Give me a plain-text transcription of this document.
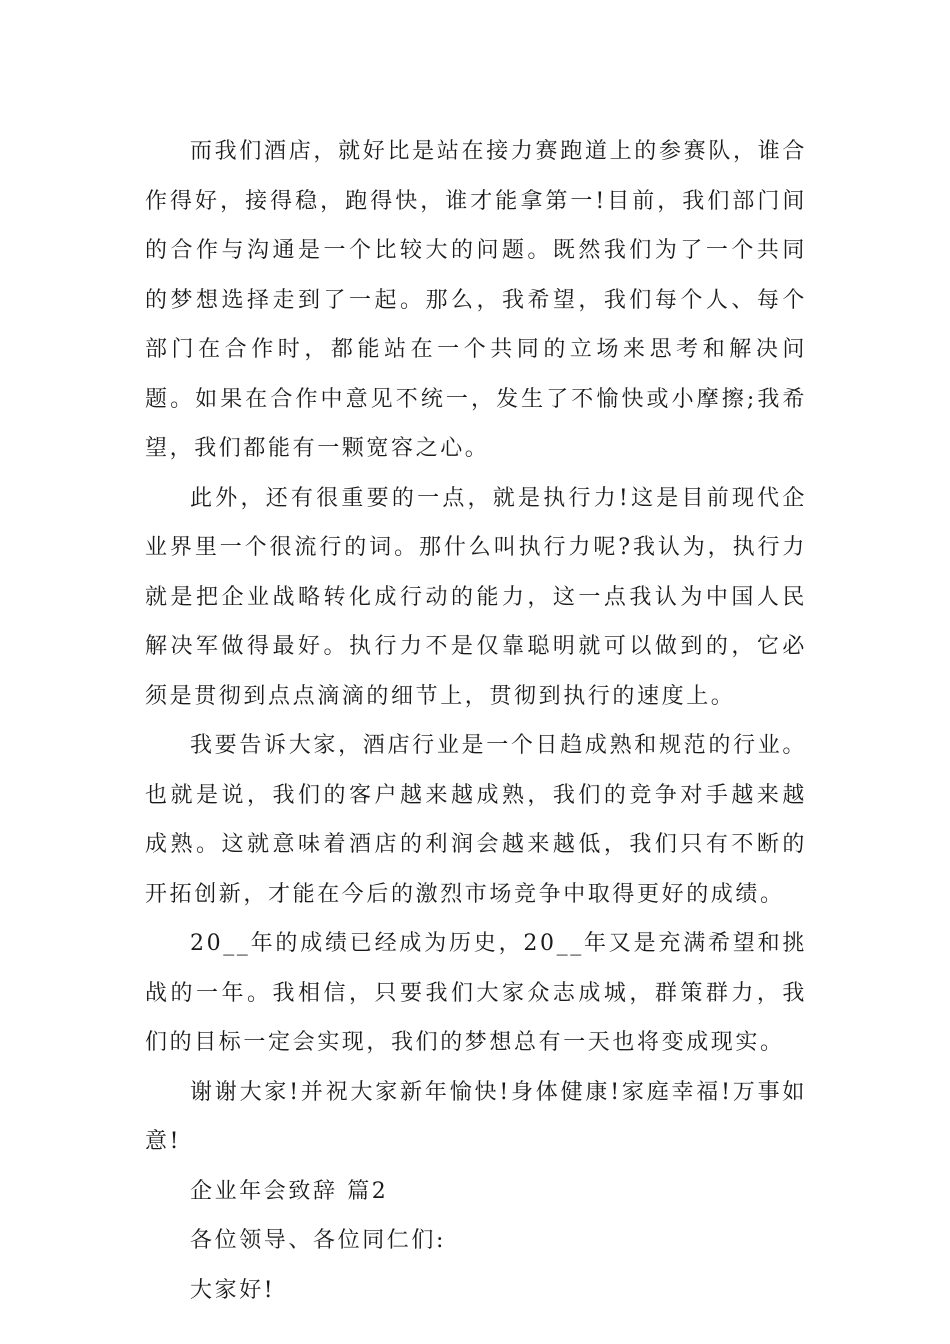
而我们酒店，就好比是站在接力赛跑道上的参赛队，谁合作得好，接得稳，跑得快，谁才能拿第一!目前，我们部门间的合作与沟通是一个比较大的问题。既然我们为了一个共同的梦想选择走到了一起。那么，我希望，我们每个人、每个部门在合作时，都能站在一个共同的立场来思考和解决问题。如果在合作中意见不统一，发生了不愉快或小摩擦;我希望，我们都能有一颗宽容之心。

此外，还有很重要的一点，就是执行力!这是目前现代企业界里一个很流行的词。那什么叫执行力呢?我认为，执行力就是把企业战略转化成行动的能力，这一点我认为中国人民解决军做得最好。执行力不是仅靠聪明就可以做到的，它必须是贯彻到点点滴滴的细节上，贯彻到执行的速度上。

我要告诉大家，酒店行业是一个日趋成熟和规范的行业。也就是说，我们的客户越来越成熟，我们的竞争对手越来越成熟。这就意味着酒店的利润会越来越低，我们只有不断的开拓创新，才能在今后的激烈市场竞争中取得更好的成绩。

20__年的成绩已经成为历史，20__年又是充满希望和挑战的一年。我相信，只要我们大家众志成城，群策群力，我们的目标一定会实现，我们的梦想总有一天也将变成现实。

谢谢大家!并祝大家新年愉快!身体健康!家庭幸福!万事如意!

企业年会致辞 篇2

各位领导、各位同仁们:

大家好!
